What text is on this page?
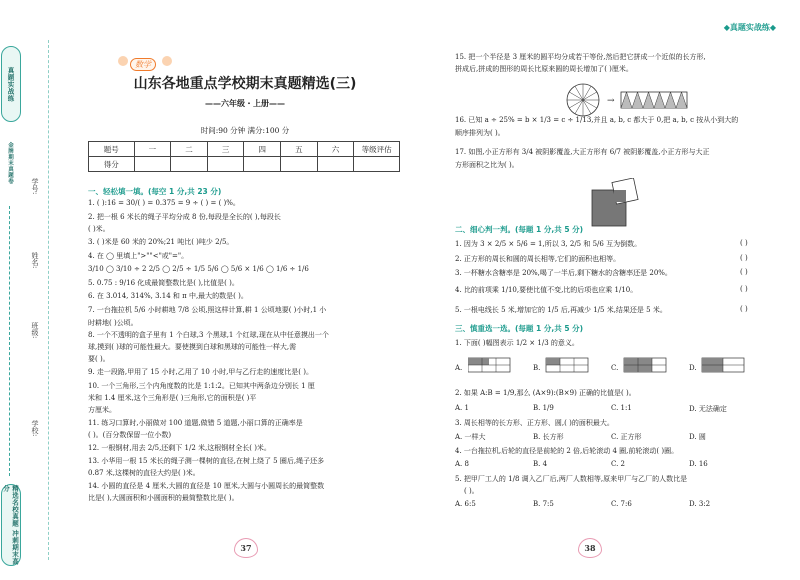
真题实战练
金牌期末真题卷
精选名校真题 冲刺期末高分
学号:
姓名:
班级:
学校:
数学
山东各地重点学校期末真题精选(三)
——六年级・上册——
时间:90 分钟 满分:100 分
题号	一	二	三	四	五	六	等级评估
得分							
一、轻松填一填。(每空 1 分,共 23 分)
1. ( ):16 = 30/( ) = 0.375 = 9 ÷ ( ) = ( )%。
2. 把一根 6 米长的绳子平均分成 8 份,每段是全长的( ),每段长
( )米。
3. ( )米是 60 米的 20%;21 吨比( )吨少 2/5。
4. 在 ◯ 里填上">""<"或"="。
3/10 ◯ 3/10 ÷ 2 2/5 ◯ 2/5 ÷ 1/5 5/6 ◯ 5/6 × 1/6 ◯ 1/6 ÷ 1/6
5. 0.75 : 9/16 化成最简整数比是( ),比值是( )。
6. 在 3.014, 314%, 3.14 和 π 中,最大的数是( )。
7. 一台拖拉机 5/6 小时耕地 7/8 公顷,照这样计算,耕 1 公顷地要( )小时,1 小
时耕地( )公顷。
8. 一个不透明的盒子里有 1 个白球,3 个黑球,1 个红球,现在从中任意摸出一个
球,摸到( )球的可能性最大。要使摸到白球和黑球的可能性一样大,需
要( )。
9. 走一段路,甲用了 15 小时,乙用了 10 小时,甲与乙行走的速度比是( )。
10. 一个三角形,三个内角度数的比是 1:1:2。已知其中两条边分别长 1 厘
米和 1.4 厘米,这个三角形是( )三角形,它的面积是( )平
方厘米。
11. 练习口算时,小丽做对 100 道题,做错 5 道题,小丽口算的正确率是
( )。(百分数保留一位小数)
12. 一根钢材,用去 2/5,还剩下 1/2 米,这根钢材全长( )米。
13. 小华用一根 15 米长的绳子测一棵树的直径,在树上绕了 5 圈后,绳子还多
0.87 米,这棵树的直径大约是( )米。
14. 小圆的直径是 4 厘米,大圆的直径是 10 厘米,大圆与小圆周长的最简整数
比是( ),大圆面积和小圆面积的最简整数比是( )。
37
◆真题实战练◆
15. 把一个半径是 3 厘米的圆平均分成若干等份,然后把它拼成一个近似的长方形,
拼成后,拼成的图形的周长比原来圆的周长增加了( )厘米。
16. 已知 a ÷ 25% = b × 1/3 = c ÷ 1/13,并且 a, b, c 都大于 0,把 a, b, c 按从小到大的
顺序排列为( )。
17. 如图,小正方形有 3/4 被阴影覆盖,大正方形有 6/7 被阴影覆盖,小正方形与大正
方形面积之比为( )。
→
二、细心判一判。(每题 1 分,共 5 分)
1. 因为 3 × 2/5 × 5/6 = 1,所以 3, 2/5 和 5/6 互为倒数。	( )
2. 正方形的周长和圆的周长相等,它们的面积也相等。	( )
3. 一杯糖水含糖率是 20%,喝了一半后,剩下糖水的含糖率还是 20%。	( )
4. 比的前项乘 1/10,要使比值不变,比的后项也应乘 1/10。	( )
5. 一根电线长 5 米,增加它的 1/5 后,再减少 1/5 米,结果还是 5 米。	( )
三、慎重选一选。(每题 1 分,共 5 分)
1. 下面( )幅图表示 1/2 × 1/3 的意义。
A.	B.	C.	D.
2. 如果 A:B = 1/9,那么 (A×9):(B×9) 正确的比值是( )。
A. 1	B. 1/9	C. 1:1	D. 无法确定
3. 周长相等的长方形、正方形、圆,( )的面积最大。
A. 一样大	B. 长方形	C. 正方形	D. 圆
4. 一台拖拉机,后轮的直径是前轮的 2 倍,后轮滚动 4 圈,前轮滚动( )圈。
A. 8	B. 4	C. 2	D. 16
5. 把甲厂工人的 1/8 调入乙厂后,两厂人数相等,原来甲厂与乙厂的人数比是
A. 6:5	B. 7:5	C. 7:6	D. 3:2
( )。
38
